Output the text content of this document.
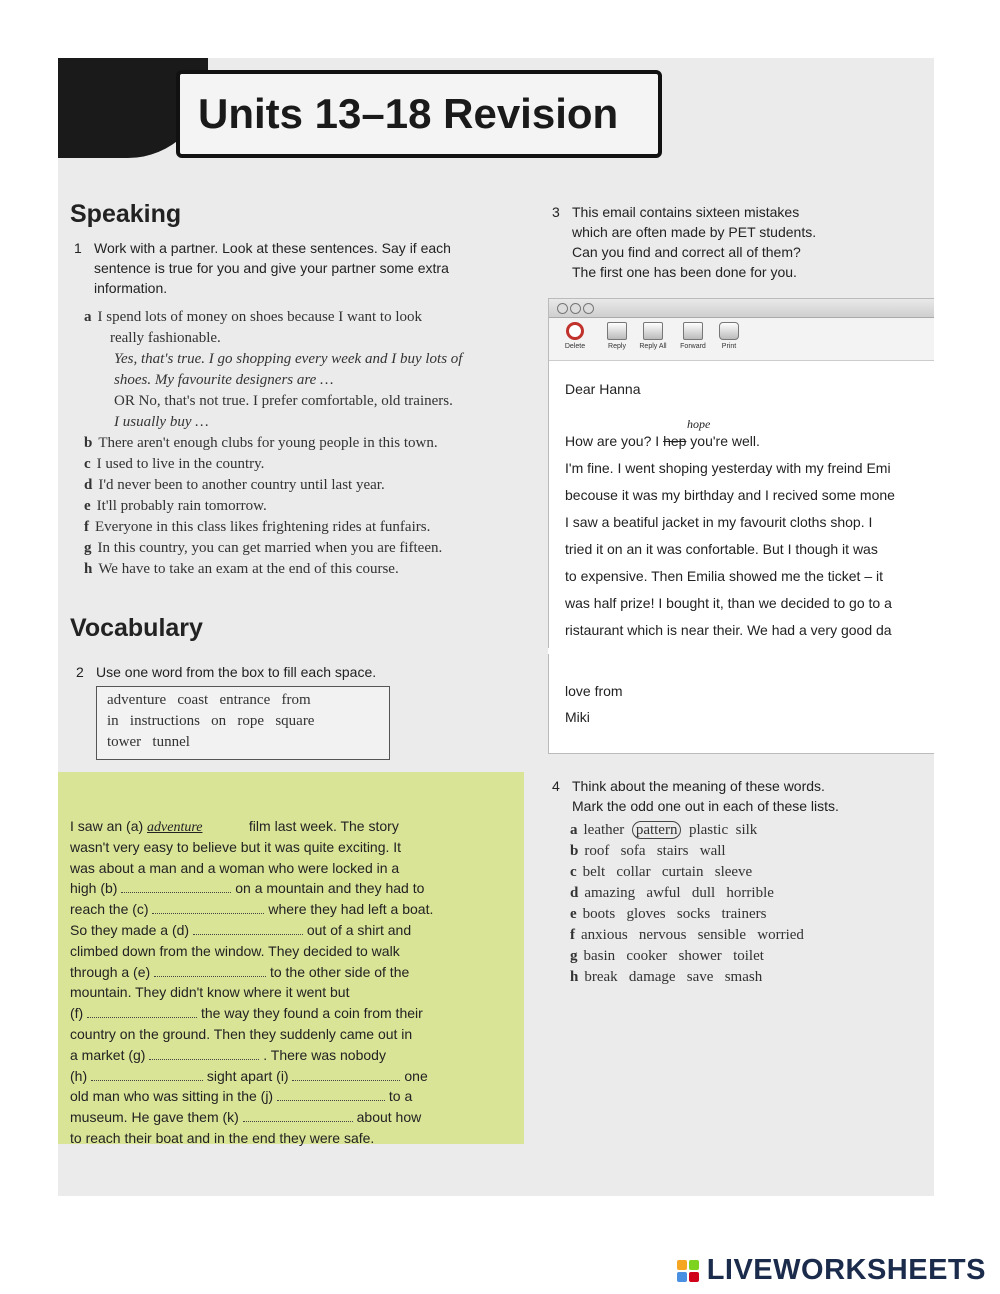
Units 13–18 Revision
Speaking
1 Work with a partner. Look at these sentences. Say if each
sentence is true for you and give your partner some extra
information.
a I spend lots of money on shoes because I want to look
really fashionable.
Yes, that's true. I go shopping every week and I buy lots of
shoes. My favourite designers are …
OR No, that's not true. I prefer comfortable, old trainers.
I usually buy …
b There aren't enough clubs for young people in this town.
c I used to live in the country.
d I'd never been to another country until last year.
e It'll probably rain tomorrow.
f Everyone in this class likes frightening rides at funfairs.
g In this country, you can get married when you are fifteen.
h We have to take an exam at the end of this course.
Vocabulary
2 Use one word from the box to fill each space.
adventure   coast   entrance   from
in   instructions   on   rope   square
tower   tunnel
I saw an (a) adventure	film last week. The story
wasn't very easy to believe but it was quite exciting. It
was about a man and a woman who were locked in a
high (b)	on a mountain and they had to
reach the (c)	where they had left a boat.
So they made a (d)	out of a shirt and
climbed down from the window. They decided to walk
through a (e)	to the other side of the
mountain. They didn't know where it went but
(f)	the way they found a coin from their
country on the ground. Then they suddenly came out in
a market (g)	. There was nobody
(h)	sight apart (i)	one
old man who was sitting in the (j)	to a
museum. He gave them (k)	about how
to reach their boat and in the end they were safe.
3 This email contains sixteen mistakes
which are often made by PET students.
Can you find and correct all of them?
The first one has been done for you.
Delete	Reply	Reply All	Forward	Print
Dear Hanna
hope
How are you? I hep you're well.
I'm fine. I went shoping yesterday with my freind Emi
becouse it was my birthday and I recived some mone
I saw a beatiful jacket in my favourit cloths shop. I
tried it on an it was confortable. But I though it was
to expensive. Then Emilia showed me the ticket – it
was half prize! I bought it, than we decided to go to a
ristaurant which is near their. We had a very good da
love from
Miki
4 Think about the meaning of these words.
Mark the odd one out in each of these lists.
a leather pattern plastic silk
b roof sofa stairs wall
c belt collar curtain sleeve
d amazing awful dull horrible
e boots gloves socks trainers
f anxious nervous sensible worried
g basin cooker shower toilet
h break damage save smash
LIVEWORKSHEETS
